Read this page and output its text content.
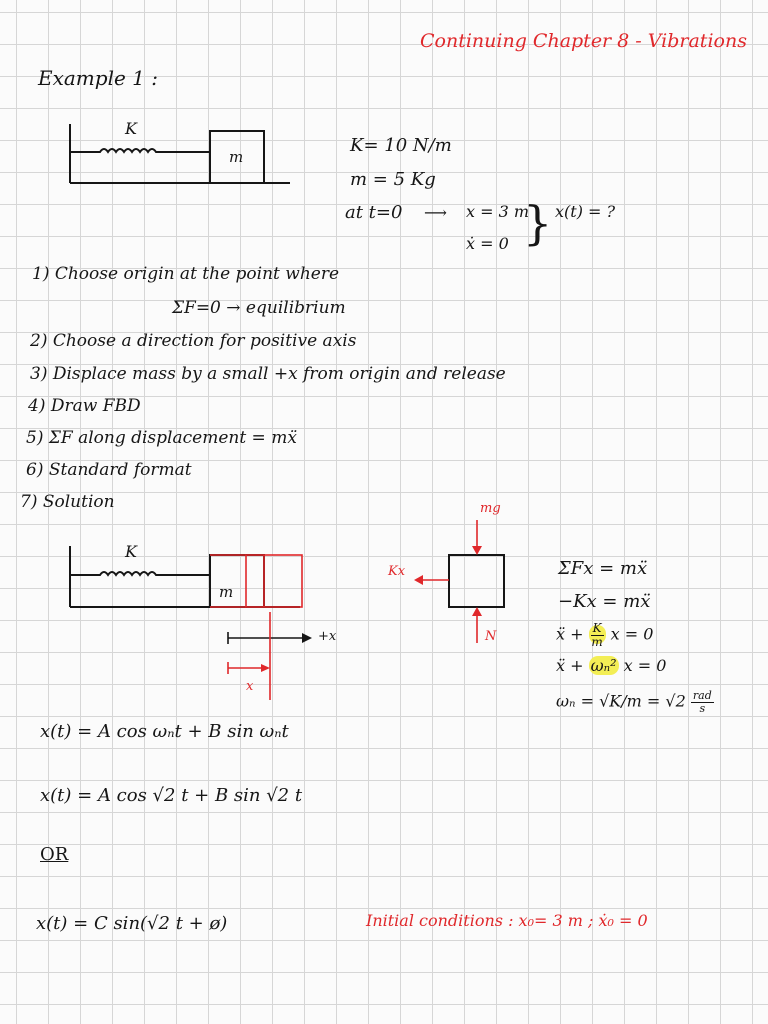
Continuing Chapter 8 - Vibrations
Example 1 :
K
m
K= 10 N/m
m = 5 Kg
at t=0 ⟶ x = 3 m
ẋ = 0 } x(t) = ?
1) Choose origin at the point where
ΣF=0 → equilibrium
2) Choose a direction for positive axis
3) Displace mass by a small +x from origin and release
4) Draw FBD
5) ΣF along displacement = mẍ
6) Standard format
7) Solution
K
m
+x
x
mg
Kx
N
ΣFx = mẍ
−Kx = mẍ
ẍ + $\frac{K}{m}$ x = 0
ẍ + ωₙ² x = 0
$\omega_n = √K/m = √2 \frac{\text{rad}}{s}$
x(t) = A cos ωₙt + B sin ωₙt
x(t) = A cos √2 t + B sin √2 t
OR
x(t) = C sin(√2 t + ø)	Initial conditions : x₀= 3 m ; ẋ₀ = 0
